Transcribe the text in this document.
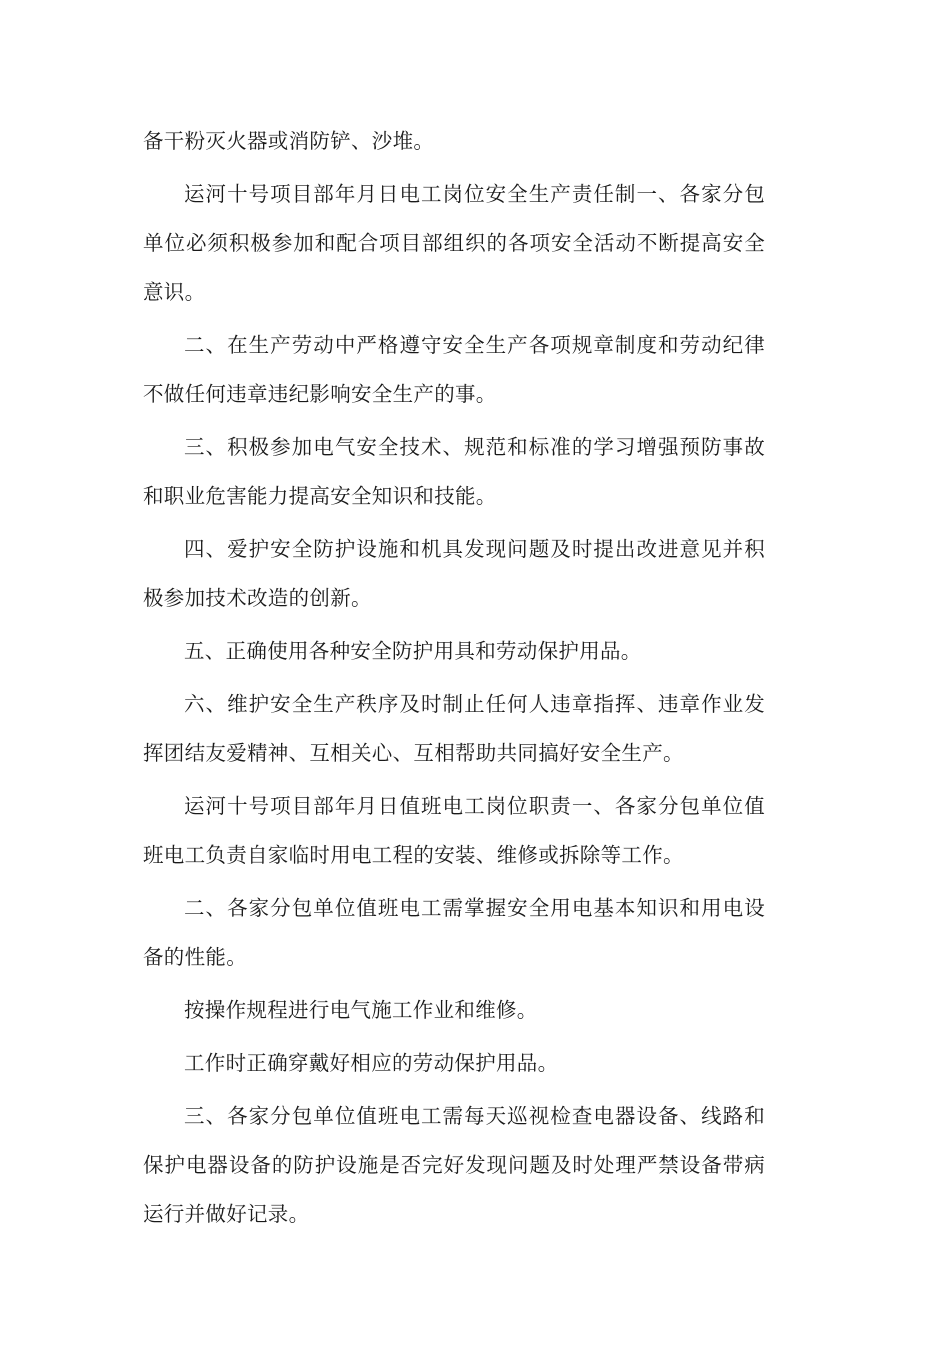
备干粉灭火器或消防铲、沙堆。

运河十号项目部年月日电工岗位安全生产责任制一、各家分包单位必须积极参加和配合项目部组织的各项安全活动不断提高安全意识。

二、在生产劳动中严格遵守安全生产各项规章制度和劳动纪律不做任何违章违纪影响安全生产的事。

三、积极参加电气安全技术、规范和标准的学习增强预防事故和职业危害能力提高安全知识和技能。

四、爱护安全防护设施和机具发现问题及时提出改进意见并积极参加技术改造的创新。

五、正确使用各种安全防护用具和劳动保护用品。

六、维护安全生产秩序及时制止任何人违章指挥、违章作业发挥团结友爱精神、互相关心、互相帮助共同搞好安全生产。

运河十号项目部年月日值班电工岗位职责一、各家分包单位值班电工负责自家临时用电工程的安装、维修或拆除等工作。

二、各家分包单位值班电工需掌握安全用电基本知识和用电设备的性能。

按操作规程进行电气施工作业和维修。

工作时正确穿戴好相应的劳动保护用品。

三、各家分包单位值班电工需每天巡视检查电器设备、线路和保护电器设备的防护设施是否完好发现问题及时处理严禁设备带病运行并做好记录。
